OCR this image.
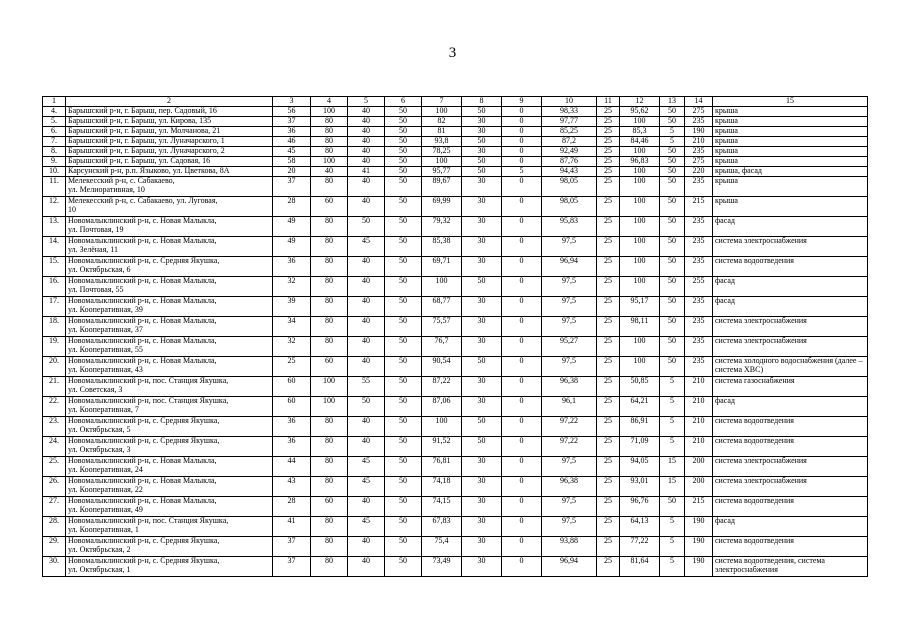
3
1	2	3	4	5	6	7	8	9	10	11	12	13	14	15
4.	Барышский р-н, г. Барыш, пер. Садовый, 16	56	100	40	50	100	50	0	98,33	25	95,62	50	275	крыша
5.	Барышский р-н, г. Барыш, ул. Кирова, 135	37	80	40	50	82	30	0	97,77	25	100	50	235	крыша
6.	Барышский р-н, г. Барыш, ул. Молчанова, 21	36	80	40	50	81	30	0	85,25	25	85,3	5	190	крыша
7.	Барышский р-н, г. Барыш, ул. Луначарского, 1	46	80	40	50	93,8	50	0	87,2	25	84,46	5	210	крыша
8.	Барышский р-н, г. Барыш, ул. Луначарского, 2	45	80	40	50	78,25	30	0	92,49	25	100	50	235	крыша
9.	Барышский р-н, г. Барыш, ул. Садовая, 16	58	100	40	50	100	50	0	87,76	25	96,83	50	275	крыша
10.	Карсунский р-н, р.п. Языково, ул. Цветкова, 8А	20	40	41	50	95,77	50	5	94,43	25	100	50	220	крыша, фасад
11.	Мелекесский р-н, с. Сабакаево,
ул. Мелиоративная, 10	37	80	40	50	89,67	30	0	98,05	25	100	50	235	крыша
12.	Мелекесский р-н, с. Сабакаево, ул. Луговая,
10	28	60	40	50	69,99	30	0	98,05	25	100	50	215	крыша
13.	Новомалыклинский р-н, с. Новая Малыкла,
ул. Почтовая, 19	49	80	50	50	79,32	30	0	95,83	25	100	50	235	фасад
14.	Новомалыклинский р-н, с. Новая Малыкла,
ул. Зелёная, 11	49	80	45	50	85,38	30	0	97,5	25	100	50	235	система электроснабжения
15.	Новомалыклинский р-н, с. Средняя Якушка,
ул. Октябрьская, 6	36	80	40	50	69,71	30	0	96,94	25	100	50	235	система водоотведения
16.	Новомалыклинский р-н, с. Новая Малыкла,
ул. Почтовая, 55	32	80	40	50	100	50	0	97,5	25	100	50	255	фасад
17.	Новомалыклинский р-н, с. Новая Малыкла,
ул. Кооперативная, 39	39	80	40	50	68,77	30	0	97,5	25	95,17	50	235	фасад
18.	Новомалыклинский р-н, с. Новая Малыкла,
ул. Кооперативная, 37	34	80	40	50	75,57	30	0	97,5	25	98,11	50	235	система электроснабжения
19.	Новомалыклинский р-н, с. Новая Малыкла,
ул. Кооперативная, 55	32	80	40	50	76,7	30	0	95,27	25	100	50	235	система электроснабжения
20.	Новомалыклинский р-н, с. Новая Малыкла,
ул. Кооперативная, 43	25	60	40	50	90,54	50	0	97,5	25	100	50	235	система холодного водоснабжения (далее – система ХВС)
21.	Новомалыклинский р-н, пос. Станция Якушка,
ул. Советская, 3	60	100	55	50	87,22	30	0	96,38	25	50,85	5	210	система газоснабжения
22.	Новомалыклинский р-н, пос. Станция Якушка,
ул. Кооперативная, 7	60	100	50	50	87,06	30	0	96,1	25	64,21	5	210	фасад
23.	Новомалыклинский р-н, с. Средняя Якушка,
ул. Октябрьская, 5	36	80	40	50	100	50	0	97,22	25	86,91	5	210	система водоотведения
24.	Новомалыклинский р-н, с. Средняя Якушка,
ул. Октябрьская, 3	36	80	40	50	91,52	50	0	97,22	25	71,09	5	210	система водоотведения
25.	Новомалыклинский р-н, с. Новая Малыкла,
ул. Кооперативная, 24	44	80	45	50	76,81	30	0	97,5	25	94,05	15	200	система электроснабжения
26.	Новомалыклинский р-н, с. Новая Малыкла,
ул. Кооперативная, 22	43	80	45	50	74,18	30	0	96,38	25	93,01	15	200	система электроснабжения
27.	Новомалыклинский р-н, с. Новая Малыкла,
ул. Кооперативная, 49	28	60	40	50	74,15	30	0	97,5	25	96,76	50	215	система водоотведения
28.	Новомалыклинский р-н, пос. Станция Якушка,
ул. Кооперативная, 1	41	80	45	50	67,83	30	0	97,5	25	64,13	5	190	фасад
29.	Новомалыклинский р-н, с. Средняя Якушка,
ул. Октябрьская, 2	37	80	40	50	75,4	30	0	93,88	25	77,22	5	190	система водоотведения
30.	Новомалыклинский р-н, с. Средняя Якушка,
ул. Октябрьская, 1	37	80	40	50	73,49	30	0	96,94	25	81,64	5	190	система водоотведения, система электроснабжения
